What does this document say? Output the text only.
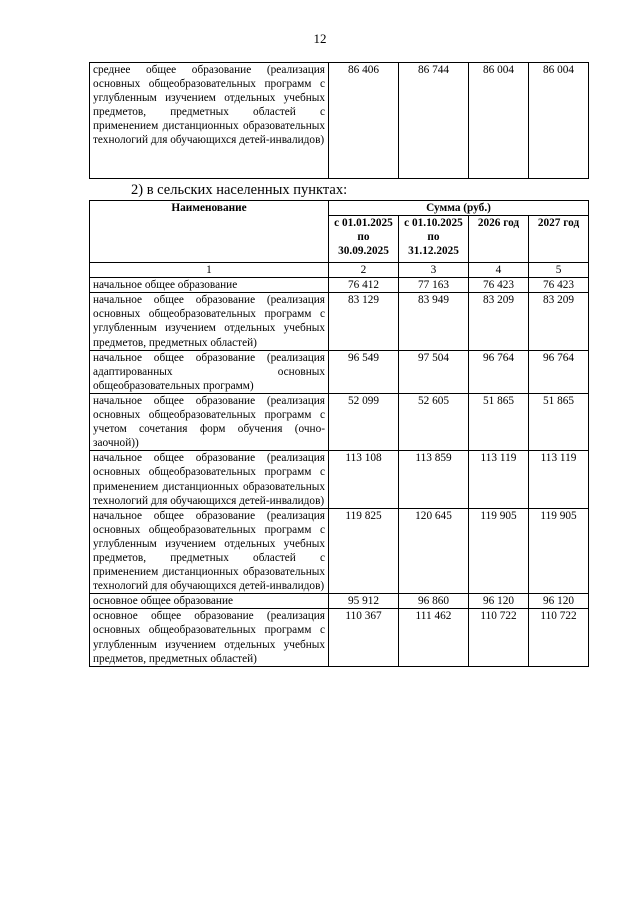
12
среднее общее образование (реализация основных общеобразовательных программ с углубленным изучением отдельных учебных предметов, предметных областей с применением дистанционных образовательных технологий для обучающихся детей-инвалидов)	86 406	86 744	86 004	86 004
2) в сельских населенных пунктах:
Наименование	Сумма (руб.)			
	с 01.01.2025 по 30.09.2025	с 01.10.2025 по 31.12.2025	2026 год	2027 год
1	2	3	4	5
начальное общее образование	76 412	77 163	76 423	76 423
начальное общее образование (реализация основных общеобразовательных программ с углубленным изучением отдельных учебных предметов, предметных областей)	83 129	83 949	83 209	83 209
начальное общее образование (реализация адаптированных основных общеобразовательных программ)	96 549	97 504	96 764	96 764
начальное общее образование (реализация основных общеобразовательных программ с учетом сочетания форм обучения (очно-заочной))	52 099	52 605	51 865	51 865
начальное общее образование (реализация основных общеобразовательных программ с применением дистанционных образовательных технологий для обучающихся детей-инвалидов)	113 108	113 859	113 119	113 119
начальное общее образование (реализация основных общеобразовательных программ с углубленным изучением отдельных учебных предметов, предметных областей с применением дистанционных образовательных технологий для обучающихся детей-инвалидов)	119 825	120 645	119 905	119 905
основное общее образование	95 912	96 860	96 120	96 120
основное общее образование (реализация основных общеобразовательных программ с углубленным изучением отдельных учебных предметов, предметных областей)	110 367	111 462	110 722	110 722
